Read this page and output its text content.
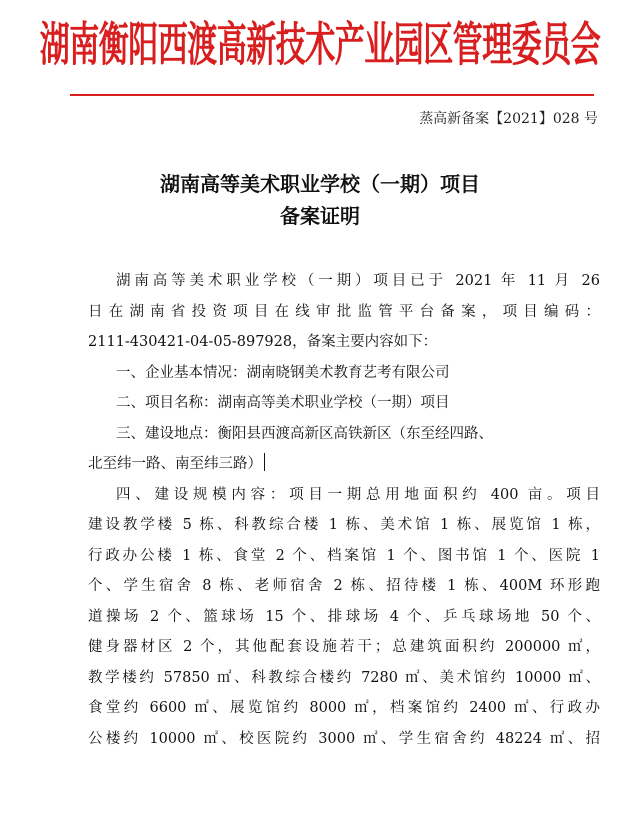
湖南衡阳西渡高新技术产业园区管理委员会
蒸高新备案【2021】028 号
湖南高等美术职业学校（一期）项目
备案证明
湖南高等美术职业学校（一期）项目已于 2021 年 11 月 26
日在湖南省投资项目在线审批监管平台备案，项目编码：
2111-430421-04-05-897928，备案主要内容如下：
一、企业基本情况：湖南晓钢美术教育艺考有限公司
二、项目名称：湖南高等美术职业学校（一期）项目
三、建设地点：衡阳县西渡高新区高铁新区（东至经四路、
北至纬一路、南至纬三路）
四、建设规模内容：项目一期总用地面积约 400 亩。项目
建设教学楼 5 栋、科教综合楼 1 栋、美术馆 1 栋、展览馆 1 栋，
行政办公楼 1 栋、食堂 2 个、档案馆 1 个、图书馆 1 个、医院 1
个、学生宿舍 8 栋、老师宿舍 2 栋、招待楼 1 栋、400M 环形跑
道操场 2 个、篮球场 15 个、排球场 4 个、乒乓球场地 50 个、
健身器材区 2 个，其他配套设施若干；总建筑面积约 200000 ㎡，
教学楼约 57850 ㎡、科教综合楼约 7280 ㎡、美术馆约 10000 ㎡、
食堂约 6600 ㎡、展览馆约 8000 ㎡，档案馆约 2400 ㎡、行政办
公楼约 10000 ㎡、校医院约 3000 ㎡、学生宿舍约 48224 ㎡、招
